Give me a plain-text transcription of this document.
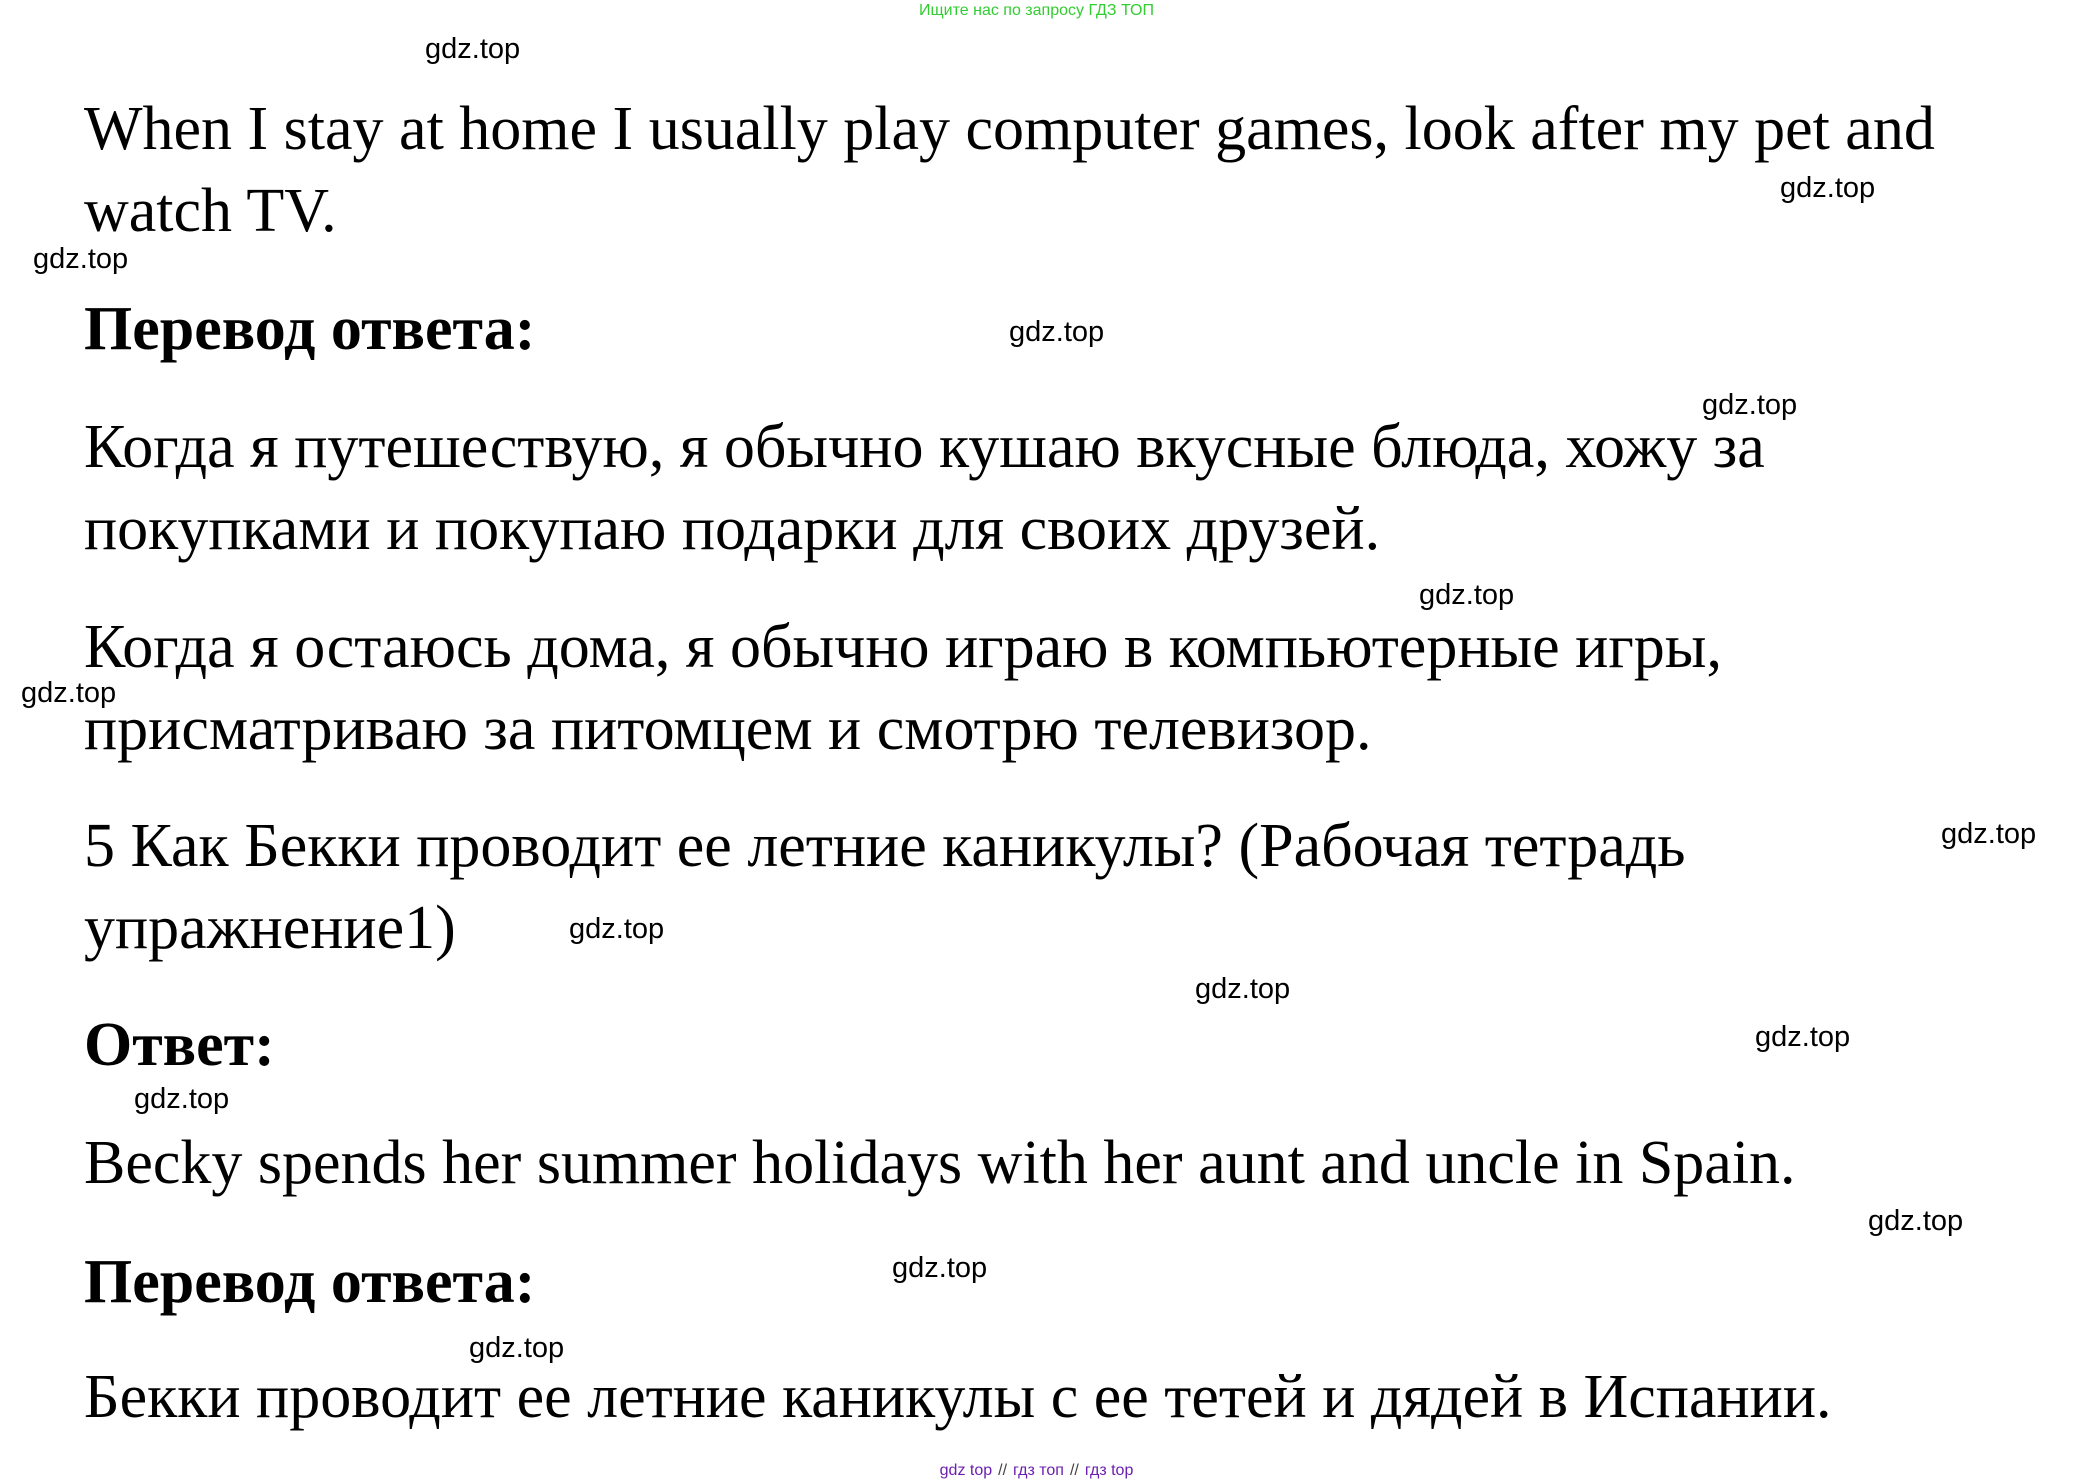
Ищите нас по запросу ГДЗ ТОП
gdz.top
gdz.top
gdz.top
gdz.top
gdz.top
gdz.top
gdz.top
gdz.top
gdz.top
gdz.top
gdz.top
gdz.top
gdz.top
gdz.top
gdz.top
When I stay at home I usually play computer games, look after my pet and watch TV.
Перевод ответа:
Когда я путешествую, я обычно кушаю вкусные блюда, хожу за покупками и покупаю подарки для своих друзей.
Когда я остаюсь дома, я обычно играю в компьютерные игры, присматриваю за питомцем и смотрю телевизор.
5 Как Бекки проводит ее летние каникулы? (Рабочая тетрадь упражнение1)
Ответ:
Becky spends her summer holidays with her aunt and uncle in Spain.
Перевод ответа:
Бекки проводит ее летние каникулы с ее тетей и дядей в Испании.
gdz top // гдз топ // гдз top
